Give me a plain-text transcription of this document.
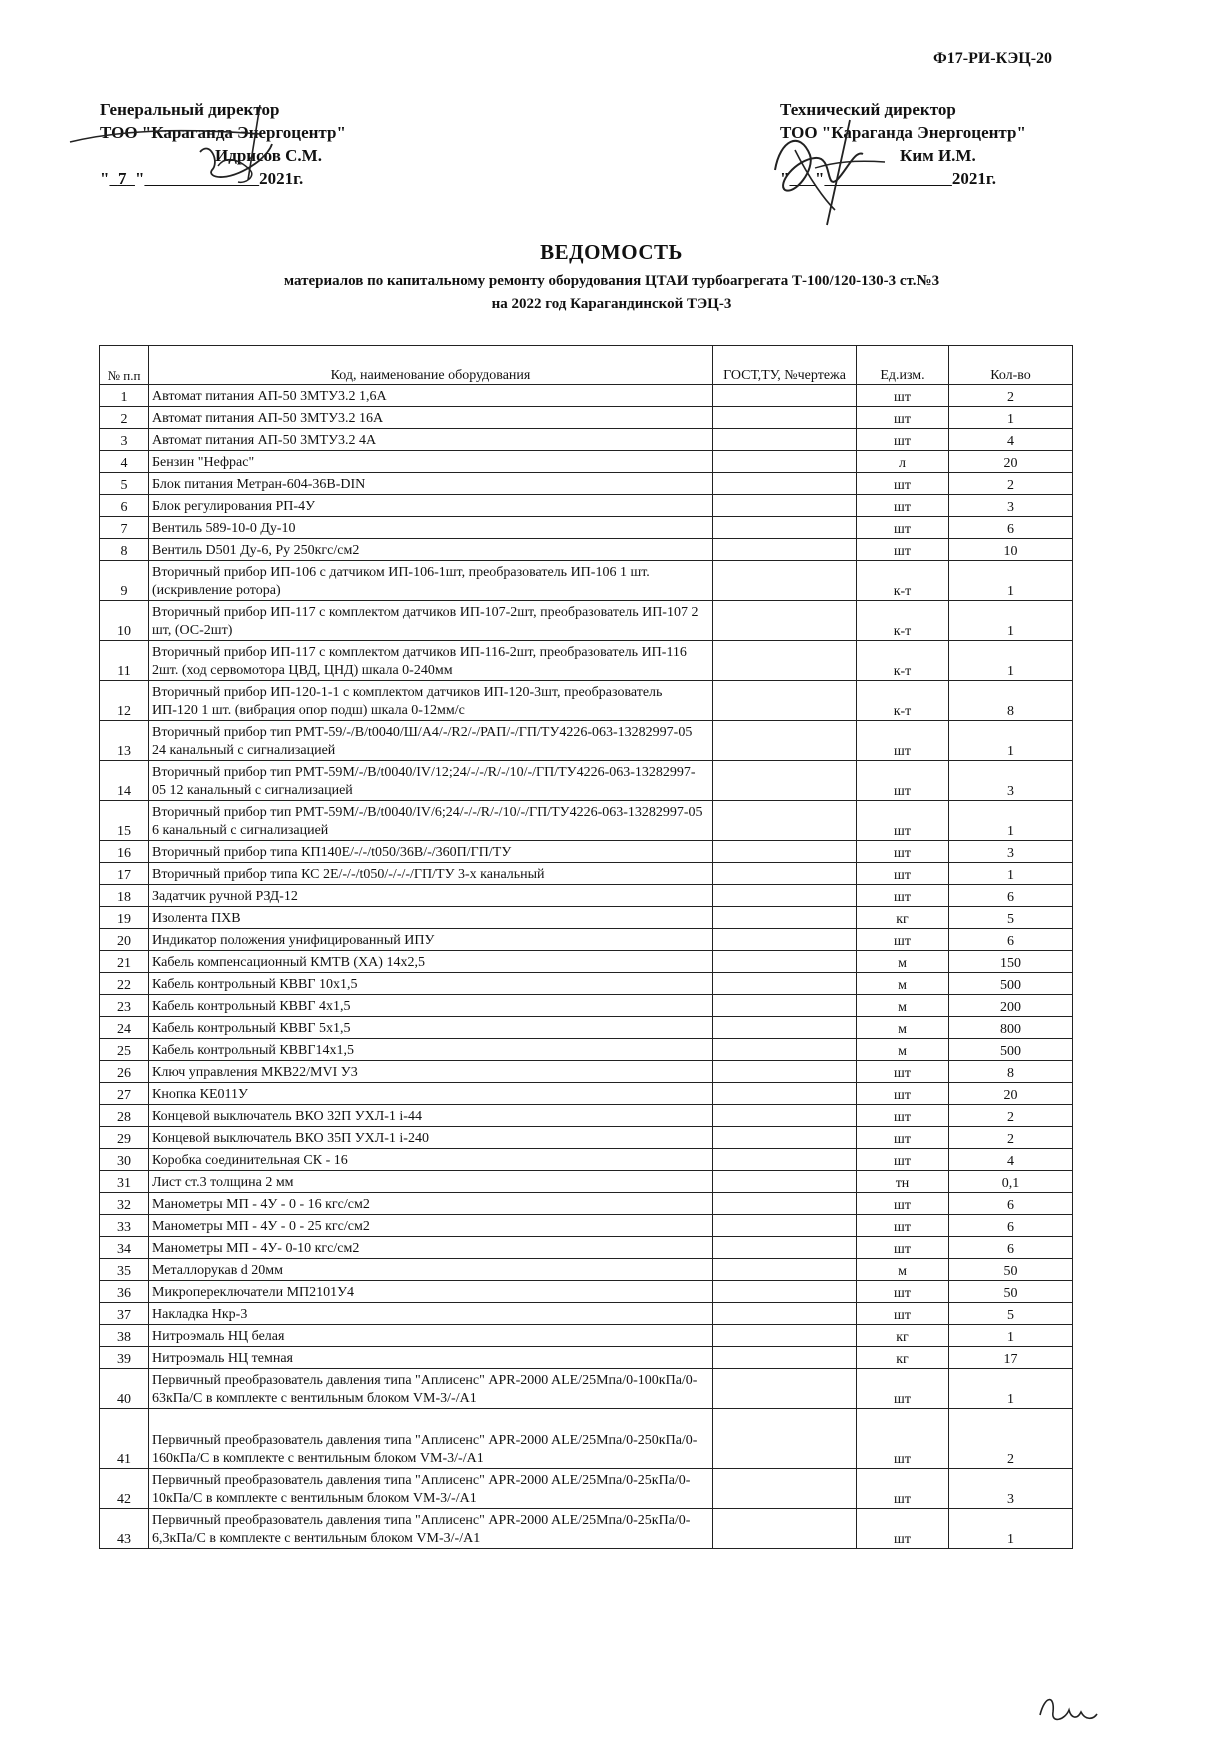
Ф17-РИ-КЭЦ-20
Генеральный директор
ТОО "Караганда Энергоцентр"
Идрисов С.М.
" 7 "	2021г.
Технический директор
ТОО "Караганда Энергоцентр"
Ким И.М.
" "	2021г.
ВЕДОМОСТЬ
материалов по капитальному ремонту оборудования ЦТАИ турбоагрегата Т-100/120-130-3 ст.№3
на 2022 год Карагандинской ТЭЦ-3
№ п.п	Код, наименование оборудования	ГОСТ,ТУ, №чертежа	Ед.изм.	Кол-во
1	Автомат питания АП-50 3МТУ3.2 1,6А		шт	2
2	Автомат питания АП-50 3МТУ3.2 16А		шт	1
3	Автомат питания АП-50 3МТУ3.2 4А		шт	4
4	Бензин "Нефрас"		л	20
5	Блок питания Метран-604-36В-DIN		шт	2
6	Блок регулирования РП-4У		шт	3
7	Вентиль 589-10-0 Ду-10		шт	6
8	Вентиль D501 Ду-6, Ру 250кгс/см2		шт	10
9	Вторичный прибор ИП-106 с датчиком ИП-106-1шт, преобразователь ИП-106 1 шт. (искривление ротора)		к-т	1
10	Вторичный прибор ИП-117 с комплектом датчиков ИП-107-2шт, преобразователь ИП-107 2 шт, (ОС-2шт)		к-т	1
11	Вторичный прибор ИП-117 с комплектом датчиков ИП-116-2шт, преобразователь ИП-116 2шт. (ход сервомотора ЦВД, ЦНД) шкала 0-240мм		к-т	1
12	Вторичный прибор ИП-120-1-1 с комплектом датчиков ИП-120-3шт, преобразователь ИП-120 1 шт. (вибрация опор подш) шкала 0-12мм/с		к-т	8
13	Вторичный прибор тип РМТ-59/-/В/t0040/Ш/А4/-/R2/-/РАП/-/ГП/ТУ4226-063-13282997-05 24 канальный с сигнализацией		шт	1
14	Вторичный прибор тип РМТ-59М/-/В/t0040/IV/12;24/-/-/R/-/10/-/ГП/ТУ4226-063-13282997-05 12 канальный с сигнализацией		шт	3
15	Вторичный прибор тип РМТ-59М/-/В/t0040/IV/6;24/-/-/R/-/10/-/ГП/ТУ4226-063-13282997-05 6 канальный с сигнализацией		шт	1
16	Вторичный прибор типа КП140Е/-/-/t050/36В/-/360П/ГП/ТУ		шт	3
17	Вторичный прибор типа КС 2Е/-/-/t050/-/-/-/ГП/ТУ 3-х канальный		шт	1
18	Задатчик ручной РЗД-12		шт	6
19	Изолента ПХВ		кг	5
20	Индикатор положения унифицированный ИПУ		шт	6
21	Кабель компенсационный КМТВ (ХА) 14х2,5		м	150
22	Кабель контрольный КВВГ 10х1,5		м	500
23	Кабель контрольный КВВГ 4х1,5		м	200
24	Кабель контрольный КВВГ 5х1,5		м	800
25	Кабель контрольный КВВГ14х1,5		м	500
26	Ключ управления МКВ22/MVI У3		шт	8
27	Кнопка КЕ011У		шт	20
28	Концевой выключатель ВКО 32П УХЛ-1 i-44		шт	2
29	Концевой выключатель ВКО 35П УХЛ-1 i-240		шт	2
30	Коробка соединительная СК - 16		шт	4
31	Лист ст.3 толщина 2 мм		тн	0,1
32	Манометры МП - 4У - 0 - 16 кгс/см2		шт	6
33	Манометры МП - 4У - 0 - 25 кгс/см2		шт	6
34	Манометры МП - 4У- 0-10 кгс/см2		шт	6
35	Металлорукав d 20мм		м	50
36	Микропереключатели МП2101У4		шт	50
37	Накладка Нкр-3		шт	5
38	Нитроэмаль НЦ белая		кг	1
39	Нитроэмаль НЦ темная		кг	17
40	Первичный преобразователь давления типа "Аплисенс" APR-2000 ALE/25Мпа/0-100кПа/0-63кПа/С в комплекте с вентильным блоком VM-3/-/A1		шт	1
41	Первичный преобразователь давления типа "Аплисенс" APR-2000 ALE/25Мпа/0-250кПа/0-160кПа/С в комплекте с вентильным блоком VM-3/-/A1		шт	2
42	Первичный преобразователь давления типа "Аплисенс" APR-2000 ALE/25Мпа/0-25кПа/0-10кПа/С в комплекте с вентильным блоком VM-3/-/A1		шт	3
43	Первичный преобразователь давления типа "Аплисенс" APR-2000 ALE/25Мпа/0-25кПа/0-6,3кПа/С в комплекте с вентильным блоком VM-3/-/A1		шт	1
